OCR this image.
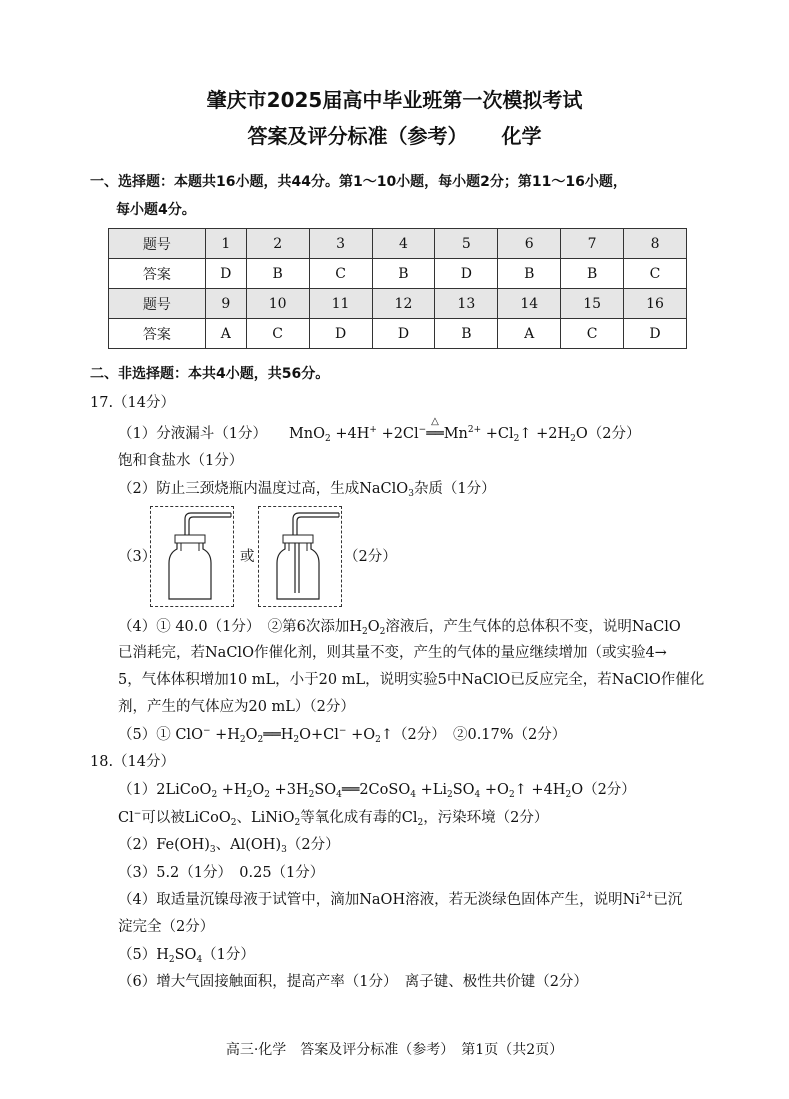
肇庆市2025届高中毕业班第一次模拟考试
答案及评分标准（参考） 化学
一、选择题：本题共16小题，共44分。第1～10小题，每小题2分；第11～16小题，
每小题4分。
题号	1	2	3	4	5	6	7	8
答案	D	B	C	B	D	B	B	C
题号	9	10	11	12	13	14	15	16
答案	A	C	D	D	B	A	C	D
二、非选择题：本共4小题，共56分。
17.（14分）
（1）分液漏斗（1分） MnO$_2$ +4H+ +2Cl−
△
$══Mn^{2+}$ $+Cl_2↑ +2H_2O(2$分）
饱和食盐水（1分）
（2）防止三颈烧瓶内温度过高，生成NaClO$_3$杂质（1分）
（3）	或	（2分）
（4）① 40.0（1分）　②第6次添加$H_2O_2$溶液后，产生气体的总体积不变，说明NaClO
已消耗完，若NaClO作催化剂，则其量不变，产生的气体的量应继续增加（或实验4→
5，气体体积增加10 mL，小于20 mL，说明实验5中NaClO已反应完全，若NaClO作催化
剂，产生的气体应为20 mL）（2分）
（5）① $ClO^- +H_2O_2══H_2O+Cl^-$ $+O_2↑(2$分）　②0.17%（2分）
18.（14分）
（1）2LiCoO$_2$ $+H_2O_2$ $+3H_2SO_4══2CoSO_4 +Li_2SO_4$ $+O_2↑ +4H_2O(2$分）
Cl−可以被LiCoO$_2$、LiNiO$_2$等氧化成有毒的$Cl_2$，污染环境（2分）
$(2)Fe(OH)_3$、$Al(OH)_3(2$分）
（3）5.2（1分）　0.25（1分）
（4）取适量沉镍母液于试管中，滴加NaOH溶液，若无淡绿色固体产生，说明$Ni^{2+}$已沉
淀完全（2分）
$(5)H_2SO_4(1$分）
（6）增大气固接触面积，提高产率（1分）　离子键、极性共价键（2分）
高三·化学　答案及评分标准（参考）　第1页（共2页）
